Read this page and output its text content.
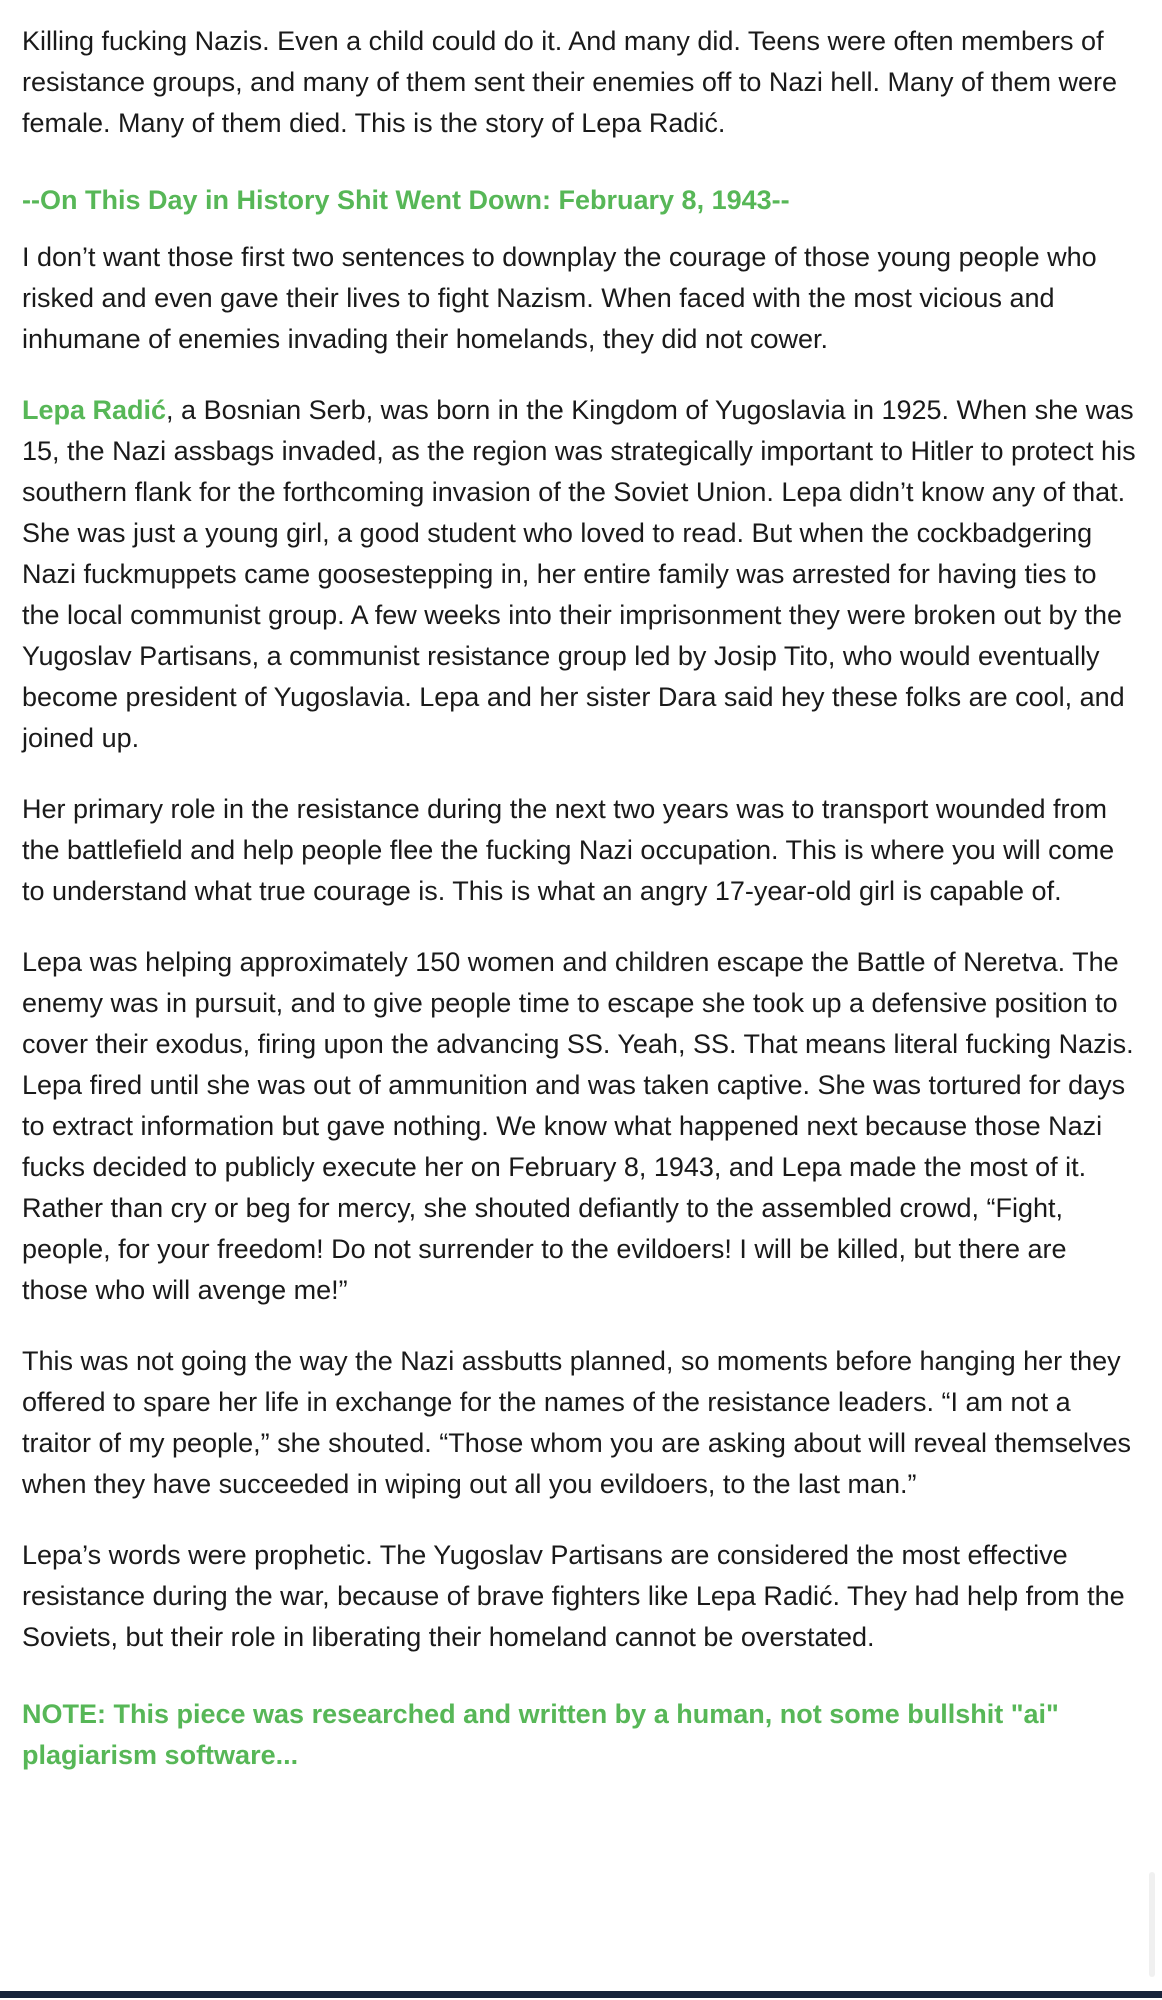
Killing fucking Nazis. Even a child could do it. And many did. Teens were often members of resistance groups, and many of them sent their enemies off to Nazi hell. Many of them were female. Many of them died. This is the story of Lepa Radić.

--On This Day in History Shit Went Down: February 8, 1943--

I don’t want those first two sentences to downplay the courage of those young people who risked and even gave their lives to fight Nazism. When faced with the most vicious and inhumane of enemies invading their homelands, they did not cower.

Lepa Radić, a Bosnian Serb, was born in the Kingdom of Yugoslavia in 1925. When she was 15, the Nazi assbags invaded, as the region was strategically important to Hitler to protect his southern flank for the forthcoming invasion of the Soviet Union. Lepa didn’t know any of that. She was just a young girl, a good student who loved to read. But when the cockbadgering Nazi fuckmuppets came goosestepping in, her entire family was arrested for having ties to the local communist group. A few weeks into their imprisonment they were broken out by the Yugoslav Partisans, a communist resistance group led by Josip Tito, who would eventually become president of Yugoslavia. Lepa and her sister Dara said hey these folks are cool, and joined up.

Her primary role in the resistance during the next two years was to transport wounded from the battlefield and help people flee the fucking Nazi occupation. This is where you will come to understand what true courage is. This is what an angry 17-year-old girl is capable of.

Lepa was helping approximately 150 women and children escape the Battle of Neretva. The enemy was in pursuit, and to give people time to escape she took up a defensive position to cover their exodus, firing upon the advancing SS. Yeah, SS. That means literal fucking Nazis. Lepa fired until she was out of ammunition and was taken captive. She was tortured for days to extract information but gave nothing. We know what happened next because those Nazi fucks decided to publicly execute her on February 8, 1943, and Lepa made the most of it. Rather than cry or beg for mercy, she shouted defiantly to the assembled crowd, “Fight, people, for your freedom! Do not surrender to the evildoers! I will be killed, but there are those who will avenge me!”

This was not going the way the Nazi assbutts planned, so moments before hanging her they offered to spare her life in exchange for the names of the resistance leaders. “I am not a traitor of my people,” she shouted. “Those whom you are asking about will reveal themselves when they have succeeded in wiping out all you evildoers, to the last man.”

Lepa’s words were prophetic. The Yugoslav Partisans are considered the most effective resistance during the war, because of brave fighters like Lepa Radić. They had help from the Soviets, but their role in liberating their homeland cannot be overstated.

NOTE: This piece was researched and written by a human, not some bullshit "ai" plagiarism software...
